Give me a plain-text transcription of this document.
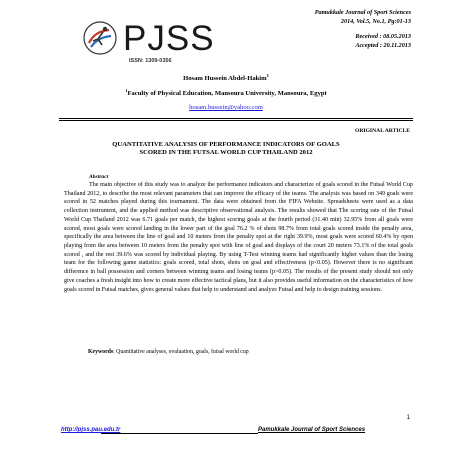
PJSS
ISSN: 1309-0356
Pamukkale Journal of Sport Sciences
2014, Vol.5, No.1, Pg:01-13
Received : 08.05.2013
Accepted : 20.11.2013
Hosam Hussein Abdel-Hakim$^1$
$^1$Faculty of Physical Education, Mansoura University, Mansoura, Egypt
hosam.hussein@yahoo.com
ORIGINAL ARTICLE
QUANTITATIVE ANALYSIS OF PERFORMANCE INDICATORS OF GOALS
SCORED IN THE FUTSAL WORLD CUP THAILAND 2012
Abstract

The main objective of this study was to analyze the performance indicators and characterize of goals scored in the Futsal World Cup Thailand 2012, to describe the most relevant parameters that can improve the efficacy of the teams. The analysis was based on 349 goals were scored in 52 matches played during this tournament. The data were obtained from the FIFA Website. Spreadsheets were used as a data collection instrument, and the applied method was descriptive observational analysis. The results showed that The scoring rate of the Futsal World Cup Thailand 2012 was 6.71 goals per match, the highest scoring goals at the fourth period (31.40 min) 32.95% from all goals were scored, most goals were scored landing in the lower part of the goal 76.2 % of shots 98.7% from total goals scored inside the penalty area, specifically the area between the line of goal and 10 meters from the penalty spot at the right 39.9%, most goals were scored 60.4% by open playing from the area between 10 meters from the penalty spot with line of goal and displays of the court 20 meters 73.1% of the total goals scored , and the rest 39.6% was scored by individual playing. By using T-Test winning teams had significantly higher values than the losing team for the following game statistics: goals scored, total shots, shots on goal and effectiveness (p<0.05). However there is no significant difference in ball possession and corners between winning teams and losing teams (p>0.05). The results of the present study should not only give coaches a fresh insight into how to create more effective tactical plans, but it also provides useful information on the characteristics of how goals scored in Futsal matches, gives general values that help to understand and analyze Futsal and help to design training sessions.

Keywords: Quantitative analyses, evaluation, goals, futsal world cup
1
http://pjss.pau.edu.tr	Pamukkale Journal of Sport Sciences
